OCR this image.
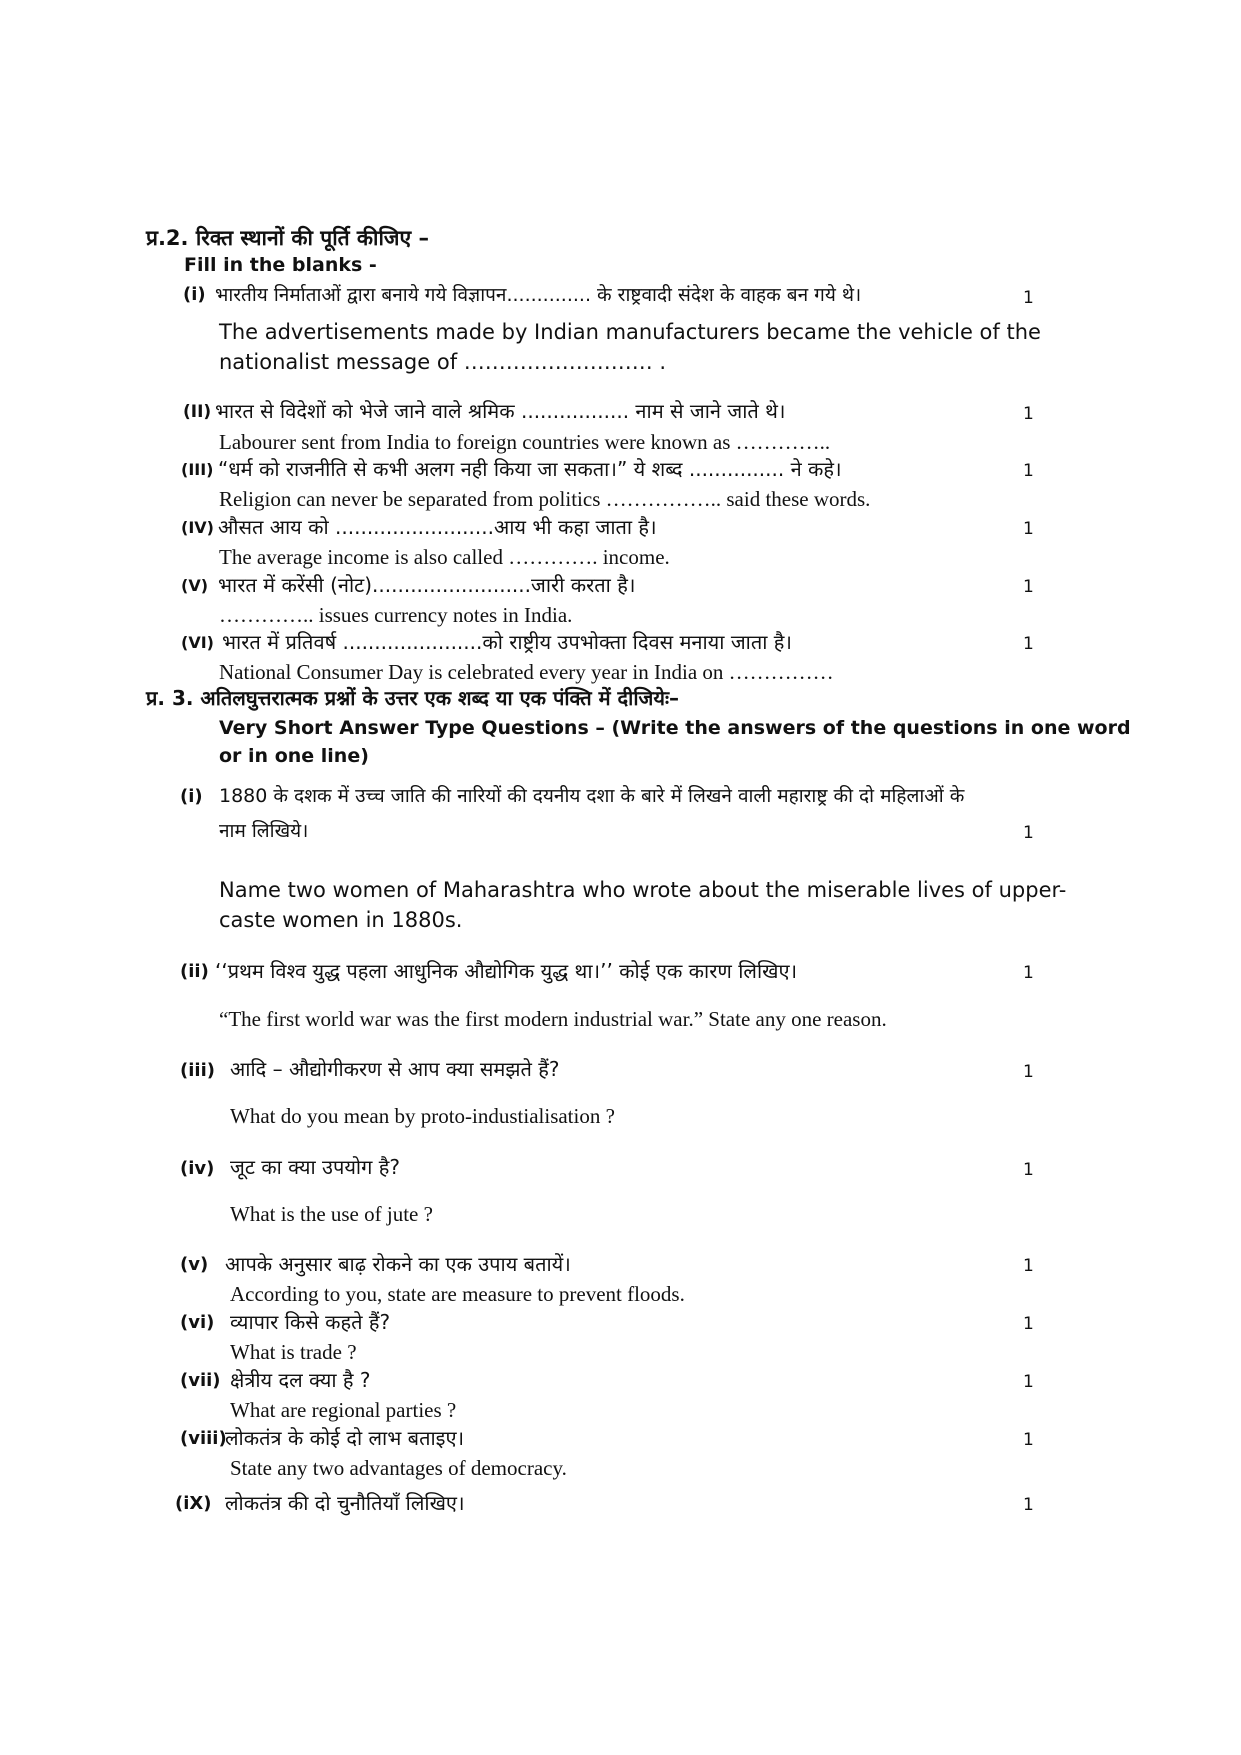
प्र.2. रिक्त स्थानों की पूर्ति कीजिए –
Fill in the blanks -
(i) भारतीय निर्माताओं द्वारा बनाये गये विज्ञापन.............. के राष्ट्रवादी संदेश के वाहक बन गये थे।	1
The advertisements made by Indian manufacturers became the vehicle of the
nationalist message of ……………………… .
(II) भारत से विदेशों को भेजे जाने वाले श्रमिक ................. नाम से जाने जाते थे।	1
Labourer sent from India to foreign countries were known as …………..
(III) “धर्म को राजनीति से कभी अलग नही किया जा सकता।” ये शब्द ............... ने कहे।	1
Religion can never be separated from politics …………….. said these words.
(IV) औसत आय को .........................आय भी कहा जाता है।	1
The average income is also called …………. income.
(V) भारत में करेंसी (नोट).........................जारी करता है।	1
………….. issues currency notes in India.
(VI) भारत में प्रतिवर्ष ......................को राष्ट्रीय उपभोक्ता दिवस मनाया जाता है।	1
National Consumer Day is celebrated every year in India on ……………
प्र. 3. अतिलघुत्तरात्मक प्रश्नों के उत्तर एक शब्द या एक पंक्ति में दीजियेः–
Very Short Answer Type Questions – (Write the answers of the questions in one word
or in one line)
(i) 1880 के दशक में उच्च जाति की नारियों की दयनीय दशा के बारे में लिखने वाली महाराष्ट्र की दो महिलाओं के
नाम लिखिये।	1
Name two women of Maharashtra who wrote about the miserable lives of upper-
caste women in 1880s.
(ii) ‘‘प्रथम विश्व युद्ध पहला आधुनिक औद्योगिक युद्ध था।’’ कोई एक कारण लिखिए।	1
“The first world war was the first modern industrial war.” State any one reason.
(iii) आदि – औद्योगीकरण से आप क्या समझते हैं?	1
What do you mean by proto-industialisation ?
(iv) जूट का क्या उपयोग है?	1
What is the use of jute ?
(v) आपके अनुसार बाढ़ रोकने का एक उपाय बतायें।	1
According to you, state are measure to prevent floods.
(vi) व्यापार किसे कहते हैं?	1
What is trade ?
(vii) क्षेत्रीय दल क्या है ?	1
What are regional parties ?
(viii)
लोकतंत्र के कोई दो लाभ बताइए।	1
State any two advantages of democracy.
(iX) लोकतंत्र की दो चुनौतियाँ लिखिए।	1
